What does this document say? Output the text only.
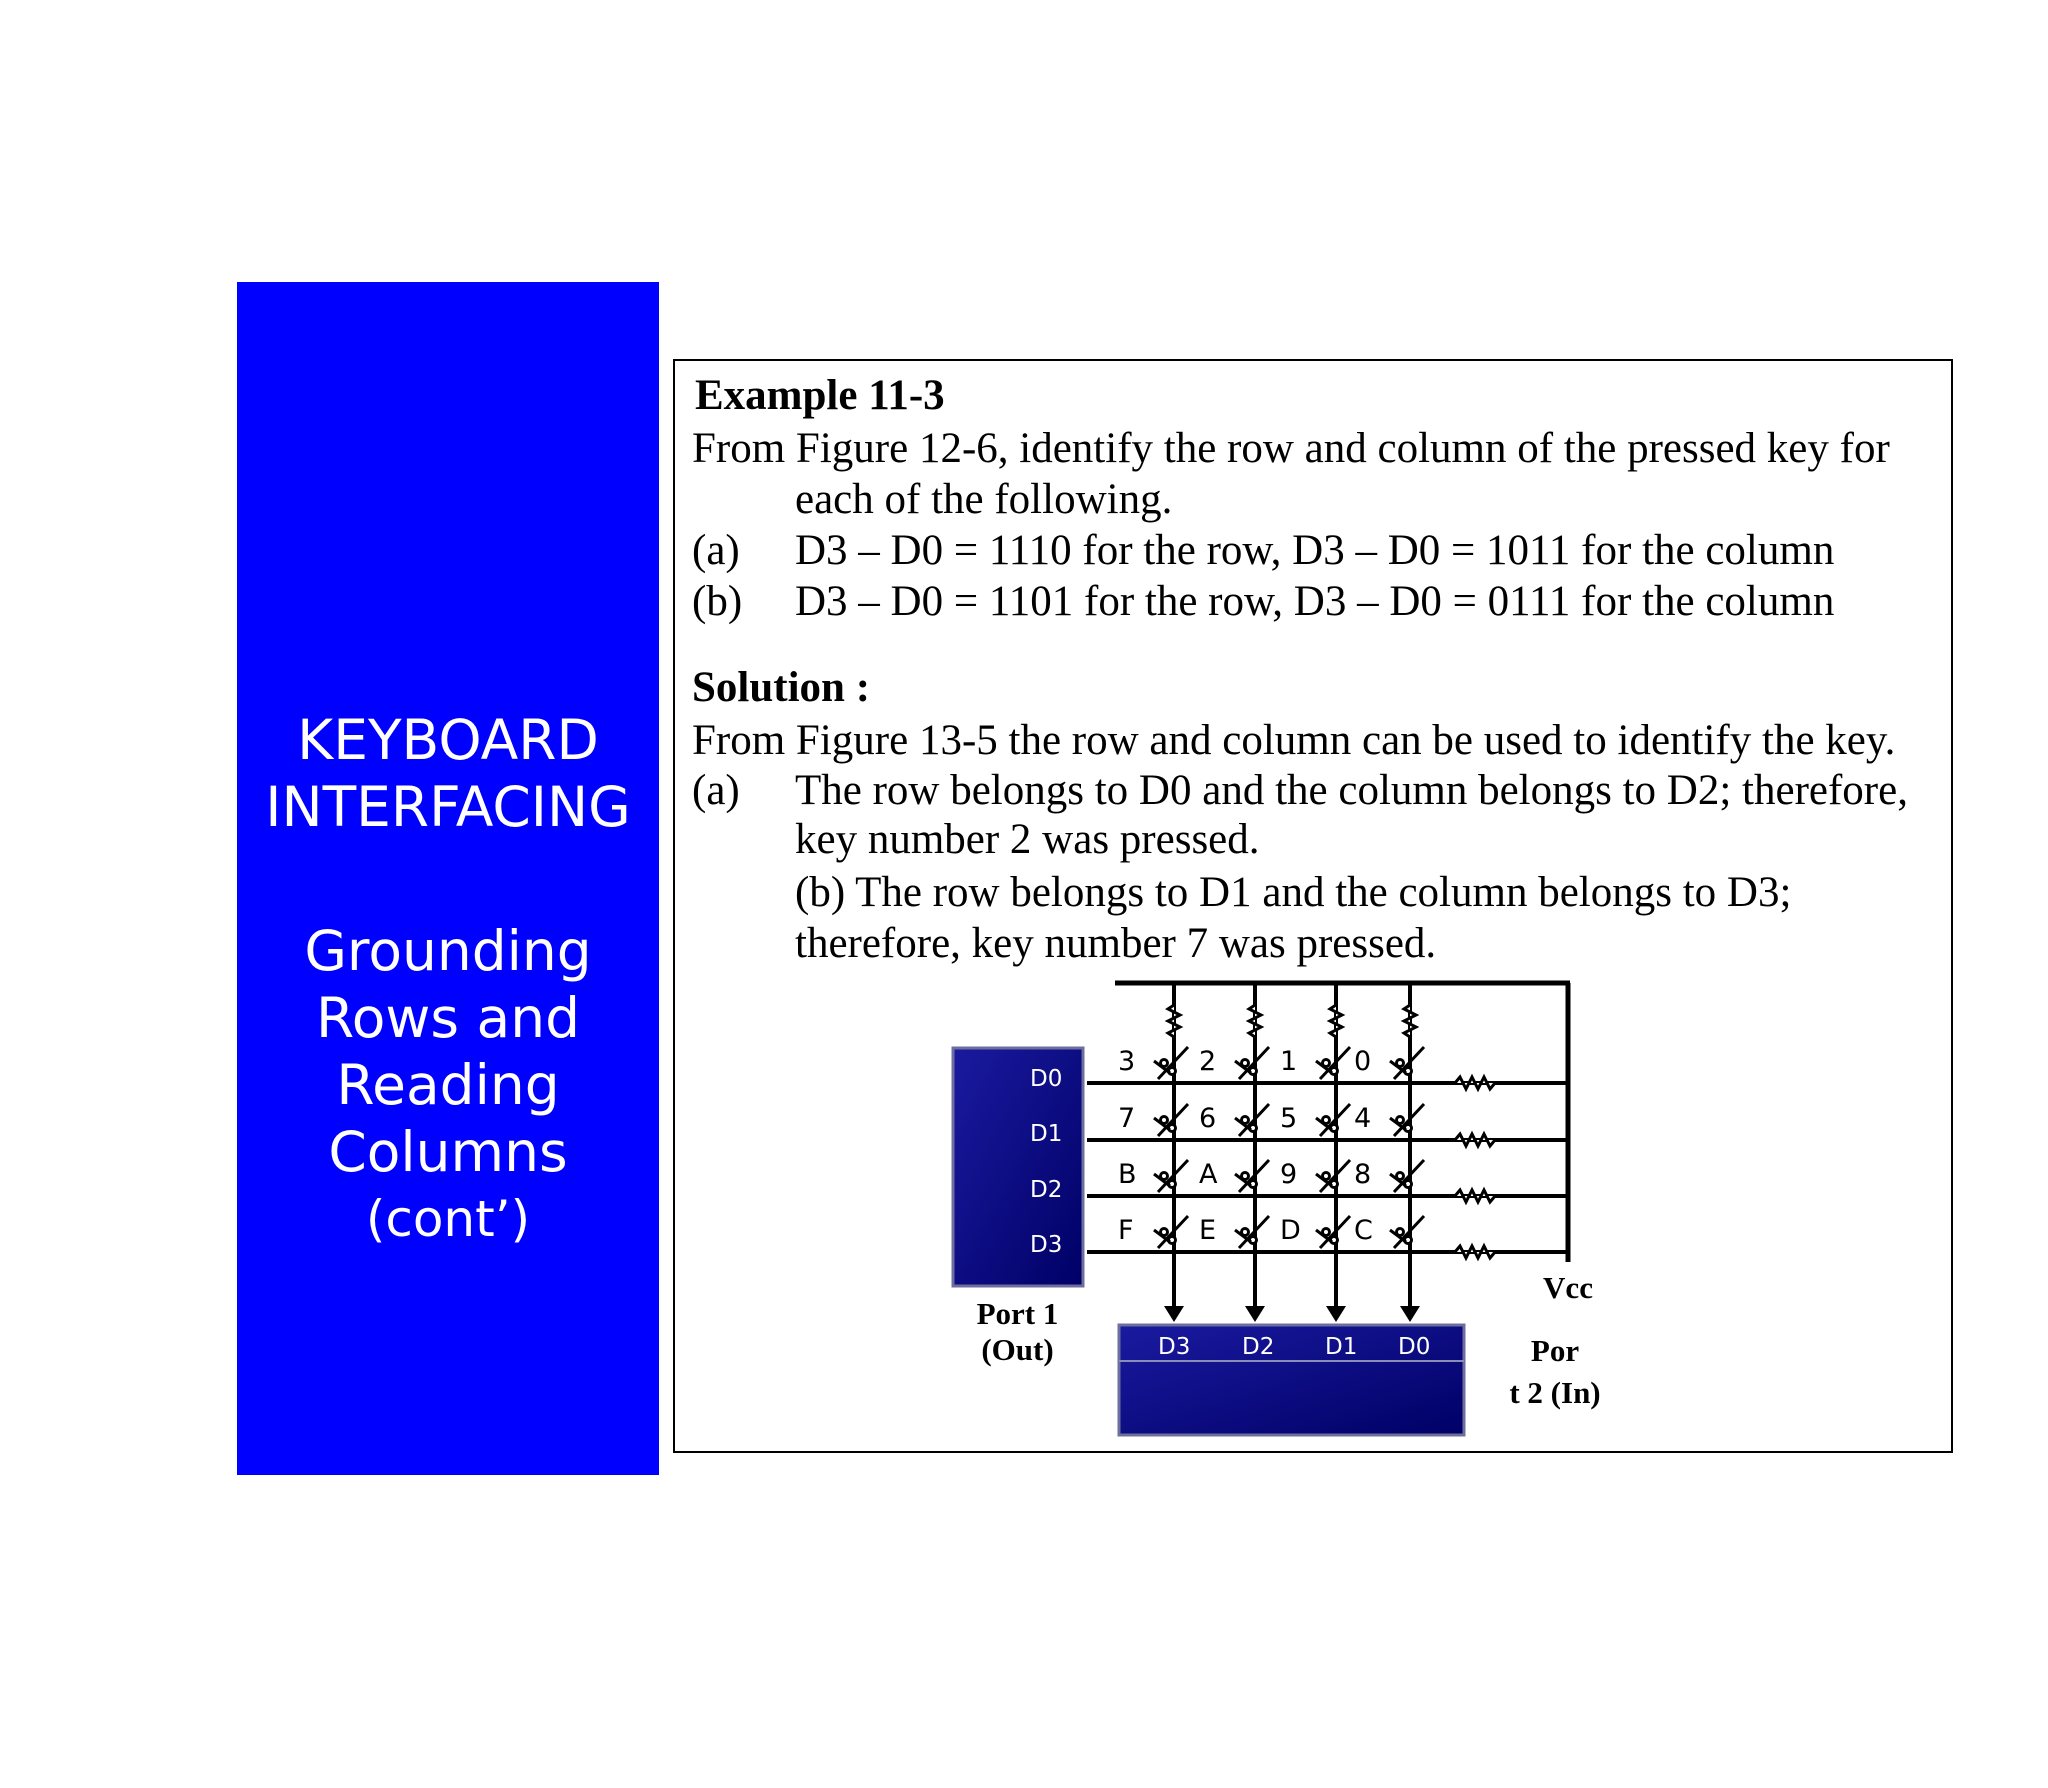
KEYBOARD
INTERFACING
Grounding
Rows and
Reading
Columns

(cont’)
Example 11-3
From Figure 12-6, identify the row and column of the pressed key for
each of the following.
(a) D3 – D0 = 1110 for the row, D3 – D0 = 1011 for the column
(b) D3 – D0 = 1101 for the row, D3 – D0 = 0111 for the column
Solution :
From Figure 13-5 the row and column can be used to identify the key.
(a) The row belongs to D0 and the column belongs to D2; therefore,
key number 2 was pressed.
(b) The row belongs to D1 and the column belongs to D3;
therefore, key number 7 was pressed.
D0
D1
D2
D3
D3 D2 D1 D0
3 2 1 0
7 6 5 4
B A 9 8
F E D C
Port 1
(Out)
Vcc
Por
t 2 (In)
